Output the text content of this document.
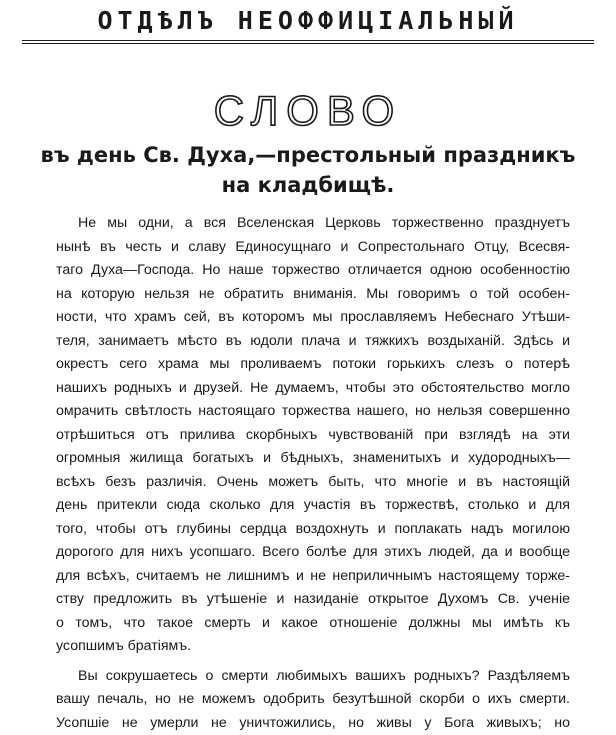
ОТДѢЛЪ НЕОФФИЦІАЛЬНЫЙ
СЛОВО
въ день Св. Духа,—престольный праздникъ
на кладбищѣ.
Не мы одни, а вся Вселенская Церковь торжественно празднуетъ
нынѣ въ честь и славу Единосущнаго и Сопрестольнаго Отцу, Всесвя-
таго Духа—Господа. Но наше торжество отличается одною особенностію
на которую нельзя не обратить вниманія. Мы говоримъ о той особен-
ности, что храмъ сей, въ которомъ мы прославляемъ Небеснаго Утѣши-
теля, занимаетъ мѣсто въ юдоли плача и тяжкихъ воздыханій. Здѣсь и
окрестъ сего храма мы проливаемъ потоки горькихъ слезъ о потерѣ
нашихъ родныхъ и друзей. Не думаемъ, чтобы это обстоятельство могло
омрачить свѣтлость настоящаго торжества нашего, но нельзя совершенно
отрѣшиться отъ прилива скорбныхъ чувствованій при взглядѣ на эти
огромныя жилища богатыхъ и бѣдныхъ, знаменитыхъ и худородныхъ—
всѣхъ безъ различія. Очень можетъ быть, что многіе и въ настоящій
день притекли сюда сколько для участія въ торжествѣ, столько и для
того, чтобы отъ глубины сердца воздохнуть и поплакать надъ могилою
дорогого для нихъ усопшаго. Всего болѣе для этихъ людей, да и вообще
для всѣхъ, считаемъ не лишнимъ и не неприличнымъ настоящему торже-
ству предложить въ утѣшеніе и назиданіе открытое Духомъ Св. ученіе
о томъ, что такое смерть и какое отношеніе должны мы имѣть къ
усопшимъ братіямъ.
Вы сокрушаетесь о смерти любимыхъ вашихъ родныхъ? Раздѣляемъ
вашу печаль, но не можемъ одобрить безутѣшной скорби о ихъ смерти.
Усопшіе не умерли не уничтожились, но живы у Бога живыхъ; но
